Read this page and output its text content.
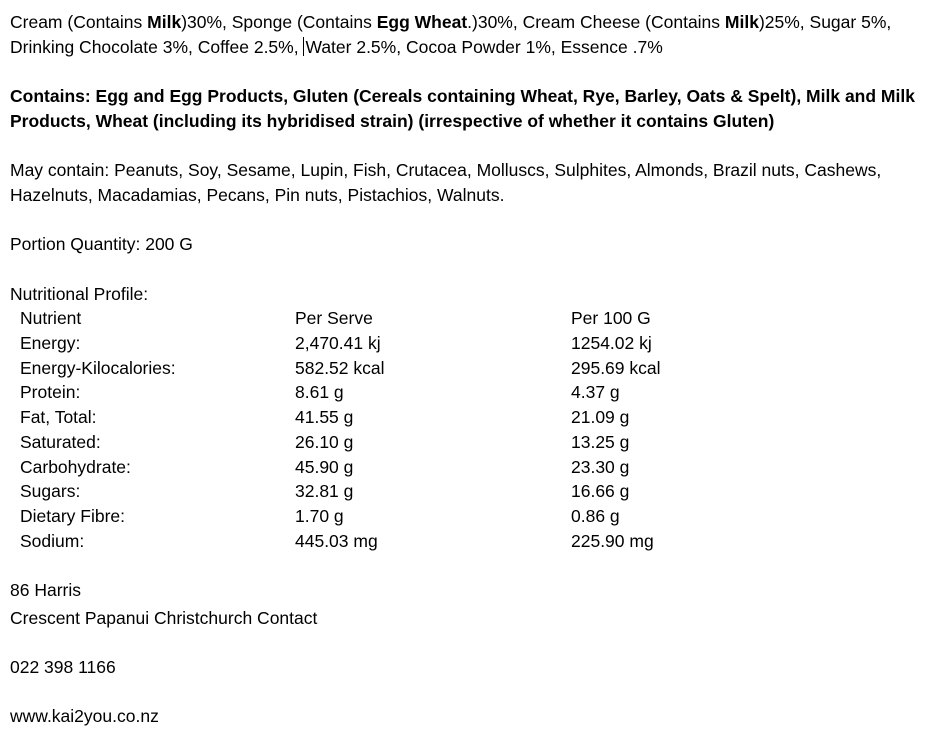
Cream (Contains Milk)30%, Sponge (Contains Egg Wheat.)30%, Cream Cheese (Contains Milk)25%, Sugar 5%,
Drinking Chocolate 3%, Coffee 2.5%, Water 2.5%, Cocoa Powder 1%, Essence .7%

Contains: Egg and Egg Products, Gluten (Cereals containing Wheat, Rye, Barley, Oats & Spelt), Milk and Milk
Products, Wheat (including its hybridised strain) (irrespective of whether it contains Gluten)

May contain: Peanuts, Soy, Sesame, Lupin, Fish, Crutacea, Molluscs, Sulphites, Almonds, Brazil nuts, Cashews,
Hazelnuts, Macadamias, Pecans, Pin nuts, Pistachios, Walnuts.

Portion Quantity: 200 G

Nutritional Profile:

Nutrient	Per Serve	Per 100 G
Energy:	2,470.41 kj	1254.02 kj
Energy-Kilocalories:	582.52 kcal	295.69 kcal
Protein:	8.61 g	4.37 g
Fat, Total:	41.55 g	21.09 g
Saturated:	26.10 g	13.25 g
Carbohydrate:	45.90 g	23.30 g
Sugars:	32.81 g	16.66 g
Dietary Fibre:	1.70 g	0.86 g
Sodium:	445.03 mg	225.90 mg

86 Harris

Crescent Papanui Christchurch Contact

022 398 1166

www.kai2you.co.nz
